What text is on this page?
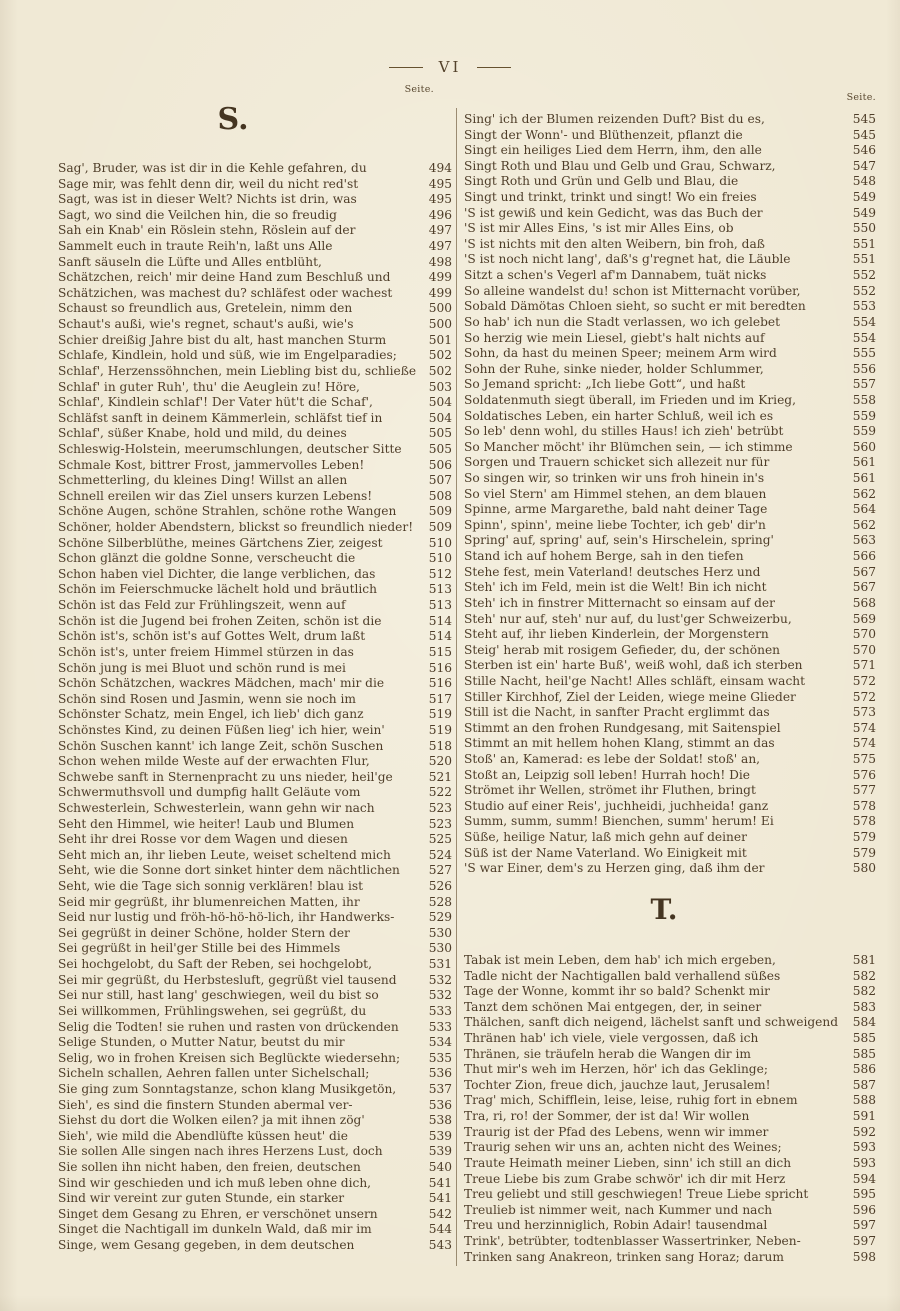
VI
Seite.
Seite.
S.
Sag', Bruder, was ist dir in die Kehle gefahren, du	494
Sage mir, was fehlt denn dir, weil du nicht red'st	495
Sagt, was ist in dieser Welt? Nichts ist drin, was	495
Sagt, wo sind die Veilchen hin, die so freudig	496
Sah ein Knab' ein Röslein stehn, Röslein auf der	497
Sammelt euch in traute Reih'n, laßt uns Alle	497
Sanft säuseln die Lüfte und Alles entblüht,	498
Schätzchen, reich' mir deine Hand zum Beschluß und	499
Schätzichen, was machest du? schläfest oder wachest	499
Schaust so freundlich aus, Gretelein, nimm den	500
Schaut's außi, wie's regnet, schaut's außi, wie's	500
Schier dreißig Jahre bist du alt, hast manchen Sturm	501
Schlafe, Kindlein, hold und süß, wie im Engelparadies;	502
Schlaf', Herzenssöhnchen, mein Liebling bist du, schließe	502
Schlaf' in guter Ruh', thu' die Aeuglein zu! Höre,	503
Schlaf', Kindlein schlaf'! Der Vater hüt't die Schaf',	504
Schläfst sanft in deinem Kämmerlein, schläfst tief in	504
Schlaf', süßer Knabe, hold und mild, du deines	505
Schleswig-Holstein, meerumschlungen, deutscher Sitte	505
Schmale Kost, bittrer Frost, jammervolles Leben!	506
Schmetterling, du kleines Ding! Willst an allen	507
Schnell ereilen wir das Ziel unsers kurzen Lebens!	508
Schöne Augen, schöne Strahlen, schöne rothe Wangen	509
Schöner, holder Abendstern, blickst so freundlich nieder!	509
Schöne Silberblüthe, meines Gärtchens Zier, zeigest	510
Schon glänzt die goldne Sonne, verscheucht die	510
Schon haben viel Dichter, die lange verblichen, das	512
Schön im Feierschmucke lächelt hold und bräutlich	513
Schön ist das Feld zur Frühlingszeit, wenn auf	513
Schön ist die Jugend bei frohen Zeiten, schön ist die	514
Schön ist's, schön ist's auf Gottes Welt, drum laßt	514
Schön ist's, unter freiem Himmel stürzen in das	515
Schön jung is mei Bluot und schön rund is mei	516
Schön Schätzchen, wackres Mädchen, mach' mir die	516
Schön sind Rosen und Jasmin, wenn sie noch im	517
Schönster Schatz, mein Engel, ich lieb' dich ganz	519
Schönstes Kind, zu deinen Füßen lieg' ich hier, wein'	519
Schön Suschen kannt' ich lange Zeit, schön Suschen	518
Schon wehen milde Weste auf der erwachten Flur,	520
Schwebe sanft in Sternenpracht zu uns nieder, heil'ge	521
Schwermuthsvoll und dumpfig hallt Geläute vom	522
Schwesterlein, Schwesterlein, wann gehn wir nach	523
Seht den Himmel, wie heiter! Laub und Blumen	523
Seht ihr drei Rosse vor dem Wagen und diesen	525
Seht mich an, ihr lieben Leute, weiset scheltend mich	524
Seht, wie die Sonne dort sinket hinter dem nächtlichen	527
Seht, wie die Tage sich sonnig verklären! blau ist	526
Seid mir gegrüßt, ihr blumenreichen Matten, ihr	528
Seid nur lustig und fröh-hö-hö-hö-lich, ihr Handwerks-	529
Sei gegrüßt in deiner Schöne, holder Stern der	530
Sei gegrüßt in heil'ger Stille bei des Himmels	530
Sei hochgelobt, du Saft der Reben, sei hochgelobt,	531
Sei mir gegrüßt, du Herbstesluft, gegrüßt viel tausend	532
Sei nur still, hast lang' geschwiegen, weil du bist so	532
Sei willkommen, Frühlingswehen, sei gegrüßt, du	533
Selig die Todten! sie ruhen und rasten von drückenden	533
Selige Stunden, o Mutter Natur, beutst du mir	534
Selig, wo in frohen Kreisen sich Beglückte wiedersehn;	535
Sicheln schallen, Aehren fallen unter Sichelschall;	536
Sie ging zum Sonntagstanze, schon klang Musikgetön,	537
Sieh', es sind die finstern Stunden abermal ver-	536
Siehst du dort die Wolken eilen? ja mit ihnen zög'	538
Sieh', wie mild die Abendlüfte küssen heut' die	539
Sie sollen Alle singen nach ihres Herzens Lust, doch	539
Sie sollen ihn nicht haben, den freien, deutschen	540
Sind wir geschieden und ich muß leben ohne dich,	541
Sind wir vereint zur guten Stunde, ein starker	541
Singet dem Gesang zu Ehren, er verschönet unsern	542
Singet die Nachtigall im dunkeln Wald, daß mir im	544
Singe, wem Gesang gegeben, in dem deutschen	543
Sing' ich der Blumen reizenden Duft? Bist du es,	545
Singt der Wonn'- und Blüthenzeit, pflanzt die	545
Singt ein heiliges Lied dem Herrn, ihm, den alle	546
Singt Roth und Blau und Gelb und Grau, Schwarz,	547
Singt Roth und Grün und Gelb und Blau, die	548
Singt und trinkt, trinkt und singt! Wo ein freies	549
'S ist gewiß und kein Gedicht, was das Buch der	549
'S ist mir Alles Eins, 's ist mir Alles Eins, ob	550
'S ist nichts mit den alten Weibern, bin froh, daß	551
'S ist noch nicht lang', daß's g'regnet hat, die Läuble	551
Sitzt a schen's Vegerl af'm Dannabem, tuät nicks	552
So alleine wandelst du! schon ist Mitternacht vorüber,	552
Sobald Dämötas Chloen sieht, so sucht er mit beredten	553
So hab' ich nun die Stadt verlassen, wo ich gelebet	554
So herzig wie mein Liesel, giebt's halt nichts auf	554
Sohn, da hast du meinen Speer; meinem Arm wird	555
Sohn der Ruhe, sinke nieder, holder Schlummer,	556
So Jemand spricht: „Ich liebe Gott“, und haßt	557
Soldatenmuth siegt überall, im Frieden und im Krieg,	558
Soldatisches Leben, ein harter Schluß, weil ich es	559
So leb' denn wohl, du stilles Haus! ich zieh' betrübt	559
So Mancher möcht' ihr Blümchen sein, — ich stimme	560
Sorgen und Trauern schicket sich allezeit nur für	561
So singen wir, so trinken wir uns froh hinein in's	561
So viel Stern' am Himmel stehen, an dem blauen	562
Spinne, arme Margarethe, bald naht deiner Tage	564
Spinn', spinn', meine liebe Tochter, ich geb' dir'n	562
Spring' auf, spring' auf, sein's Hirschelein, spring'	563
Stand ich auf hohem Berge, sah in den tiefen	566
Stehe fest, mein Vaterland! deutsches Herz und	567
Steh' ich im Feld, mein ist die Welt! Bin ich nicht	567
Steh' ich in finstrer Mitternacht so einsam auf der	568
Steh' nur auf, steh' nur auf, du lust'ger Schweizerbu,	569
Steht auf, ihr lieben Kinderlein, der Morgenstern	570
Steig' herab mit rosigem Gefieder, du, der schönen	570
Sterben ist ein' harte Buß', weiß wohl, daß ich sterben	571
Stille Nacht, heil'ge Nacht! Alles schläft, einsam wacht	572
Stiller Kirchhof, Ziel der Leiden, wiege meine Glieder	572
Still ist die Nacht, in sanfter Pracht erglimmt das	573
Stimmt an den frohen Rundgesang, mit Saitenspiel	574
Stimmt an mit hellem hohen Klang, stimmt an das	574
Stoß' an, Kamerad: es lebe der Soldat! stoß' an,	575
Stoßt an, Leipzig soll leben! Hurrah hoch! Die	576
Strömet ihr Wellen, strömet ihr Fluthen, bringt	577
Studio auf einer Reis', juchheidi, juchheida! ganz	578
Summ, summ, summ! Bienchen, summ' herum! Ei	578
Süße, heilige Natur, laß mich gehn auf deiner	579
Süß ist der Name Vaterland. Wo Einigkeit mit	579
'S war Einer, dem's zu Herzen ging, daß ihm der	580
T.
Tabak ist mein Leben, dem hab' ich mich ergeben,	581
Tadle nicht der Nachtigallen bald verhallend süßes	582
Tage der Wonne, kommt ihr so bald? Schenkt mir	582
Tanzt dem schönen Mai entgegen, der, in seiner	583
Thälchen, sanft dich neigend, lächelst sanft und schweigend	584
Thränen hab' ich viele, viele vergossen, daß ich	585
Thränen, sie träufeln herab die Wangen dir im	585
Thut mir's weh im Herzen, hör' ich das Geklinge;	586
Tochter Zion, freue dich, jauchze laut, Jerusalem!	587
Trag' mich, Schifflein, leise, leise, ruhig fort in ebnem	588
Tra, ri, ro! der Sommer, der ist da! Wir wollen	591
Traurig ist der Pfad des Lebens, wenn wir immer	592
Traurig sehen wir uns an, achten nicht des Weines;	593
Traute Heimath meiner Lieben, sinn' ich still an dich	593
Treue Liebe bis zum Grabe schwör' ich dir mit Herz	594
Treu geliebt und still geschwiegen! Treue Liebe spricht	595
Treulieb ist nimmer weit, nach Kummer und nach	596
Treu und herzinniglich, Robin Adair! tausendmal	597
Trink', betrübter, todtenblasser Wassertrinker, Neben-	597
Trinken sang Anakreon, trinken sang Horaz; darum	598
